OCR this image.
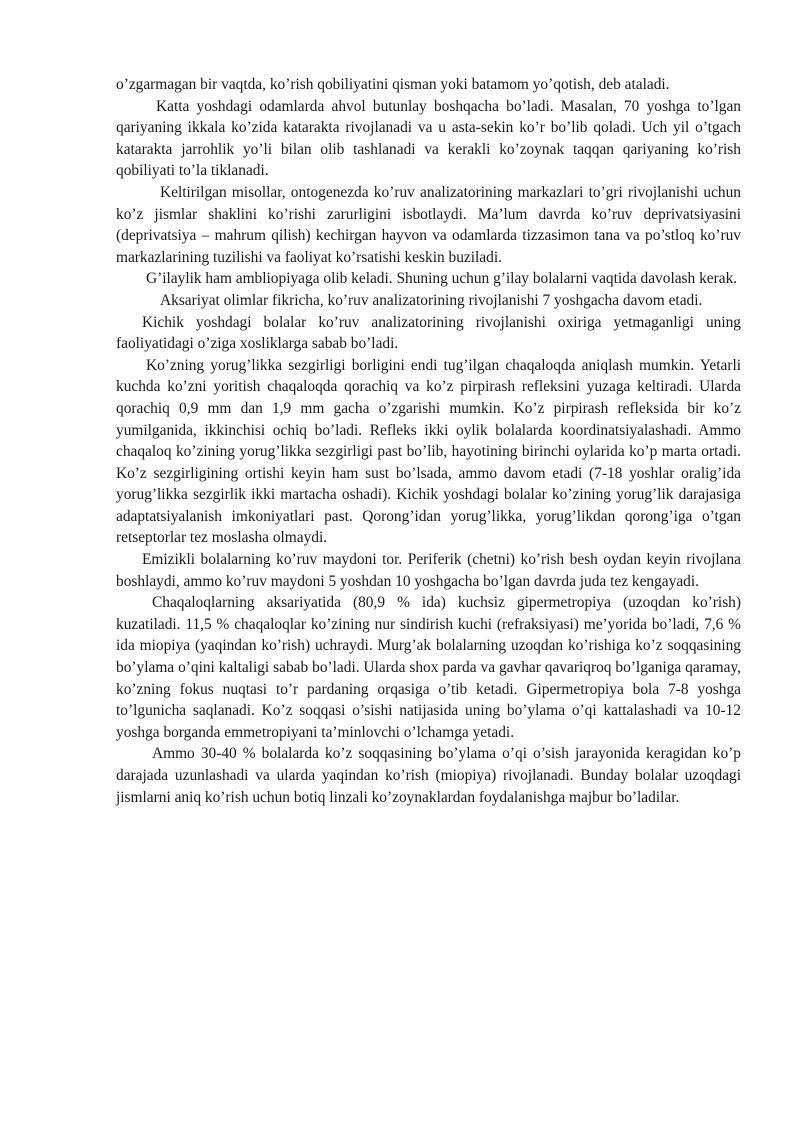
o’zgarmagan bir vaqtda, ko’rish qobiliyatini qisman yoki batamom yo’qotish, deb ataladi.

Katta yoshdagi odamlarda ahvol butunlay boshqacha bo’ladi. Masalan, 70 yoshga to’lgan qariyaning ikkala ko’zida katarakta rivojlanadi va u asta-sekin ko’r bo’lib qoladi. Uch yil o’tgach katarakta jarrohlik yo’li bilan olib tashlanadi va kerakli ko’zoynak taqqan qariyaning ko’rish qobiliyati to’la tiklanadi.

Keltirilgan misollar, ontogenezda ko’ruv analizatorining markazlari to’gri rivojlanishi uchun ko’z jismlar shaklini ko’rishi zarurligini isbotlaydi. Ma’lum davrda ko’ruv deprivatsiyasini (deprivatsiya – mahrum qilish) kechirgan hayvon va odamlarda tizzasimon tana va po’stloq ko’ruv markazlarining tuzilishi va faoliyat ko’rsatishi keskin buziladi.

G’ilaylik ham ambliopiyaga olib keladi. Shuning uchun g’ilay bolalarni vaqtida davolash kerak.

Aksariyat olimlar fikricha, ko’ruv analizatorining rivojlanishi 7 yoshgacha davom etadi.

Kichik yoshdagi bolalar ko’ruv analizatorining rivojlanishi oxiriga yetmaganligi uning faoliyatidagi o’ziga xosliklarga sabab bo’ladi.

Ko’zning yorug’likka sezgirligi borligini endi tug’ilgan chaqaloqda aniqlash mumkin. Yetarli kuchda ko’zni yoritish chaqaloqda qorachiq va ko’z pirpirash refleksini yuzaga keltiradi. Ularda qorachiq 0,9 mm dan 1,9 mm gacha o’zgarishi mumkin. Ko’z pirpirash refleksida bir ko’z yumilganida, ikkinchisi ochiq bo’ladi. Refleks ikki oylik bolalarda koordinatsiyalashadi. Ammo chaqaloq ko’zining yorug’likka sezgirligi past bo’lib, hayotining birinchi oylarida ko’p marta ortadi. Ko’z sezgirligining ortishi keyin ham sust bo’lsada, ammo davom etadi (7-18 yoshlar oralig’ida yorug’likka sezgirlik ikki martacha oshadi). Kichik yoshdagi bolalar ko’zining yorug’lik darajasiga adaptatsiyalanish imkoniyatlari past. Qorong’idan yorug’likka, yorug’likdan qorong’iga o’tgan retseptorlar tez moslasha olmaydi.

Emizikli bolalarning ko’ruv maydoni tor. Periferik (chetni) ko’rish besh oydan keyin rivojlana boshlaydi, ammo ko’ruv maydoni 5 yoshdan 10 yoshgacha bo’lgan davrda juda tez kengayadi.

Chaqaloqlarning aksariyatida (80,9 % ida) kuchsiz gipermetropiya (uzoqdan ko’rish) kuzatiladi. 11,5 % chaqaloqlar ko’zining nur sindirish kuchi (refraksiyasi) me’yorida bo’ladi, 7,6 % ida miopiya (yaqindan ko’rish) uchraydi. Murg’ak bolalarning uzoqdan ko’rishiga ko’z soqqasining bo’ylama o’qini kaltaligi sabab bo’ladi. Ularda shox parda va gavhar qavariqroq bo’lganiga qaramay, ko’zning fokus nuqtasi to’r pardaning orqasiga o’tib ketadi. Gipermetropiya bola 7-8 yoshga to’lgunicha saqlanadi. Ko’z soqqasi o’sishi natijasida uning bo’ylama o’qi kattalashadi va 10-12 yoshga borganda emmetropiyani ta’minlovchi o’lchamga yetadi.

Ammo 30-40 % bolalarda ko’z soqqasining bo’ylama o’qi o’sish jarayonida keragidan ko’p darajada uzunlashadi va ularda yaqindan ko’rish (miopiya) rivojlanadi. Bunday bolalar uzoqdagi jismlarni aniq ko’rish uchun botiq linzali ko’zoynaklardan foydalanishga majbur bo’ladilar.
